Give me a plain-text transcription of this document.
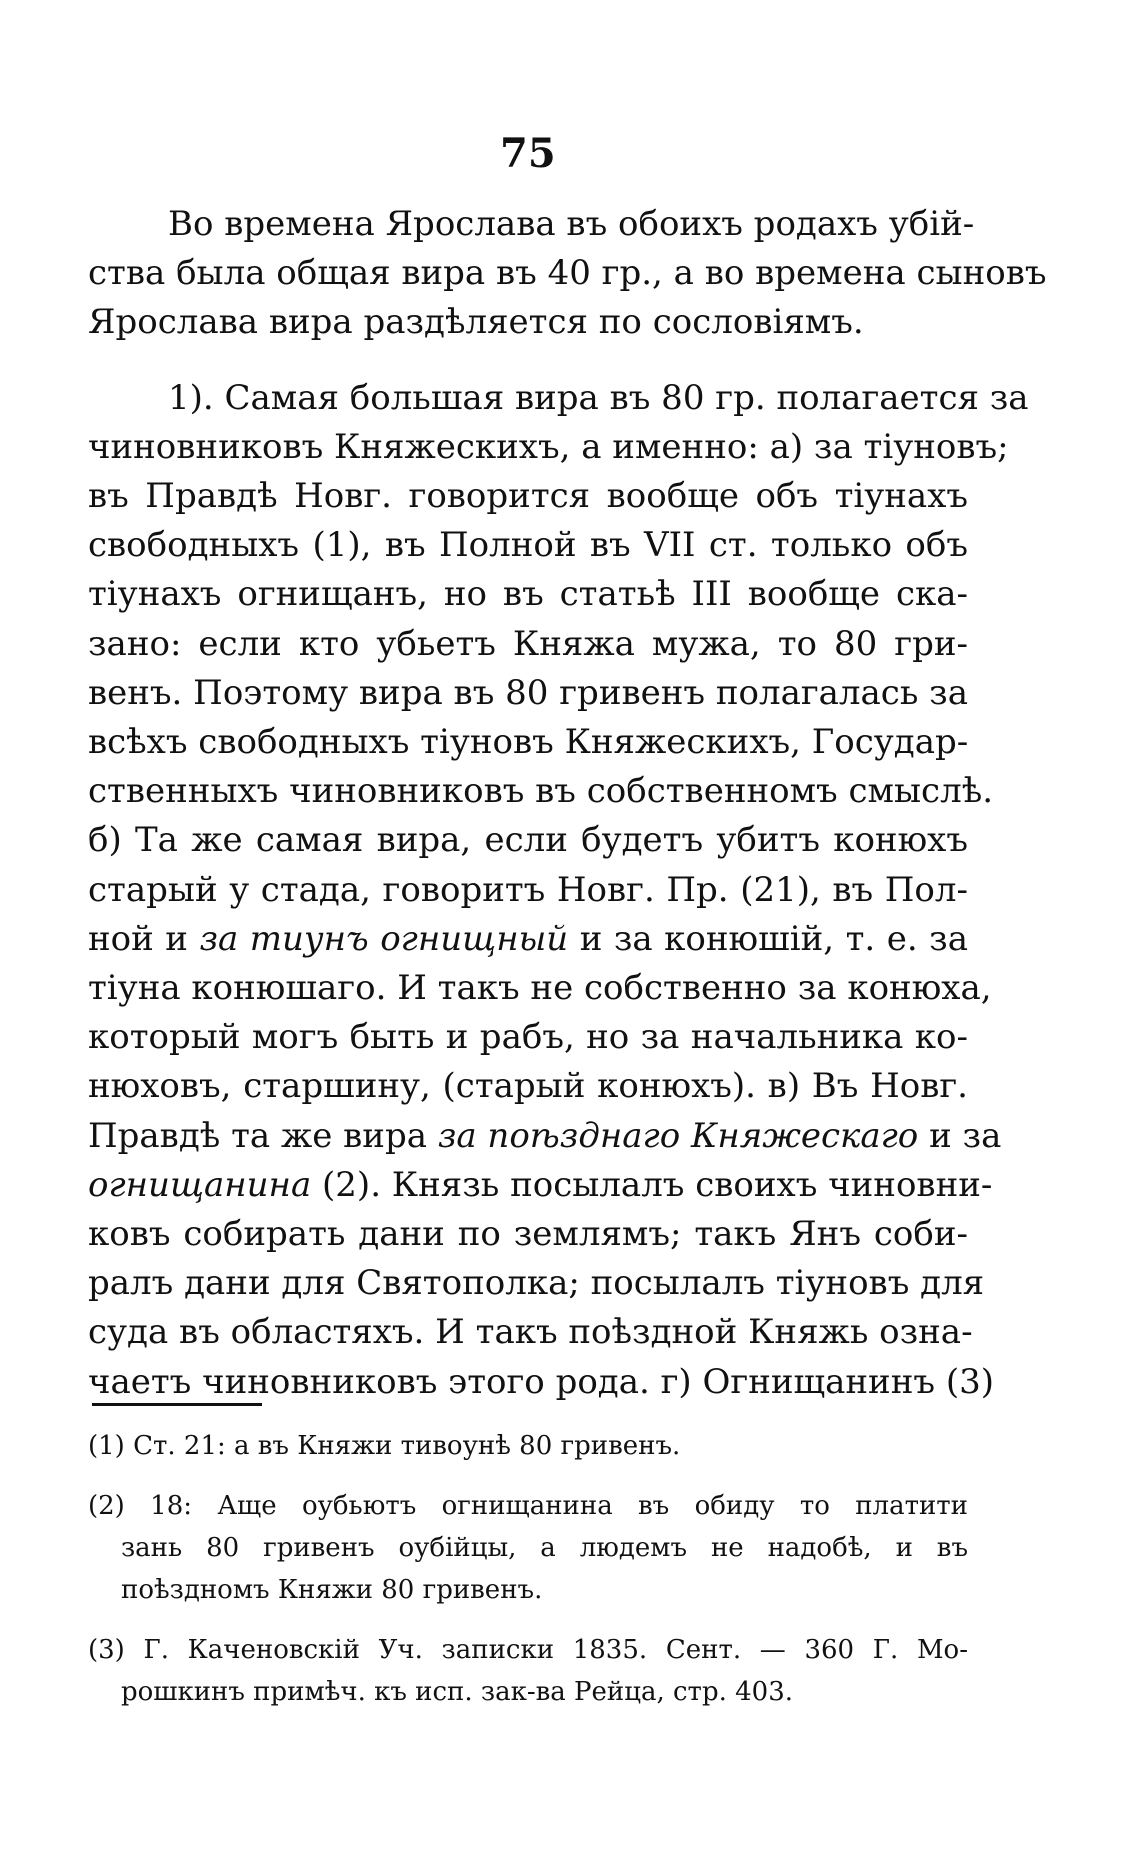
75
Во времена Ярослава въ обоихъ родахъ убій-
ства была общая вира въ 40 гр., а во времена сыновъ
Ярослава вира раздѣляется по сословіямъ.
1). Самая большая вира въ 80 гр. полагается за
чиновниковъ Княжескихъ, а именно: а) за тіуновъ;
въ Правдѣ Новг. говорится вообще объ тіунахъ
свободныхъ (1), въ Полной въ VII ст. только объ
тіунахъ огнищанъ, но въ статьѣ III вообще ска-
зано: если кто убьетъ Княжа мужа, то 80 гри-
венъ. Поэтому вира въ 80 гривенъ полагалась за
всѣхъ свободныхъ тіуновъ Княжескихъ, Государ-
ственныхъ чиновниковъ въ собственномъ смыслѣ.
б) Та же самая вира, если будетъ убитъ конюхъ
старый у стада, говоритъ Новг. Пр. (21), въ Пол-
ной и за тиунъ огнищный и за конюшій, т. е. за
тіуна конюшаго. И такъ не собственно за конюха,
который могъ быть и рабъ, но за начальника ко-
нюховъ, старшину, (старый конюхъ). в) Въ Новг.
Правдѣ та же вира за поѣзднаго Княжескаго и за
огнищанина (2). Князь посылалъ своихъ чиновни-
ковъ собирать дани по землямъ; такъ Янъ соби-
ралъ дани для Святополка; посылалъ тіуновъ для
суда въ областяхъ. И такъ поѣздной Княжь озна-
чаетъ чиновниковъ этого рода. г) Огнищанинъ (3)
(1) Ст. 21: а въ Княжи тивоунѣ 80 гривенъ.
(2) 18: Аще оубьютъ огнищанина въ обиду то платити
зань 80 гривенъ оубійцы, а людемъ не надобѣ, и въ
поѣздномъ Княжи 80 гривенъ.
(3) Г. Каченовскій Уч. записки 1835. Сент. — 360 Г. Мо-
рошкинъ примѣч. къ исп. зак-ва Рейца, стр. 403.
